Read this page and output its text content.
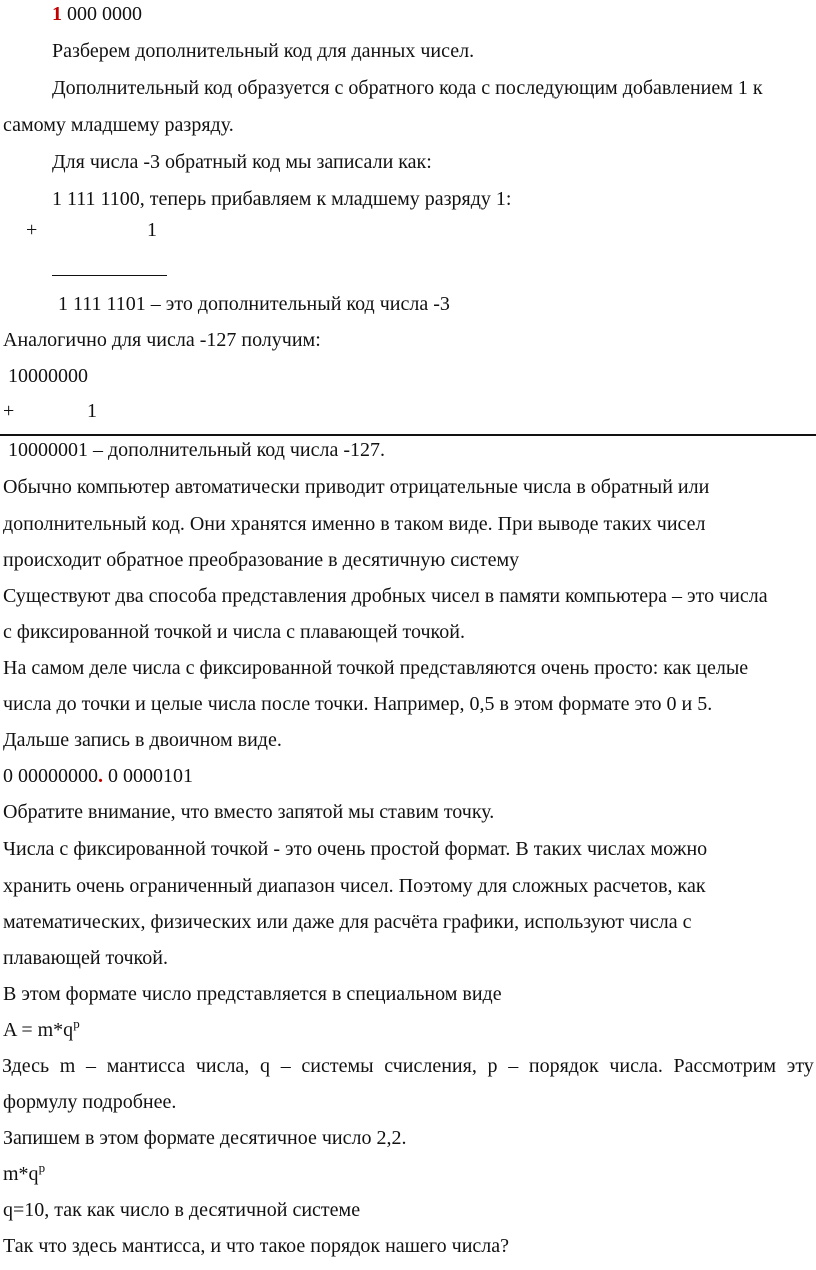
1 000 0000
Разберем дополнительный код для данных чисел.
Дополнительный код образуется с обратного кода с последующим добавлением 1 к
самому младшему разряду.
Для числа -3 обратный код мы записали как:
1 111 1100, теперь прибавляем к младшему разряду 1:
+	1
1 111 1101 – это дополнительный код числа -3
Аналогично для числа -127 получим:
10000000
+	1
10000001 – дополнительный код числа -127.
Обычно компьютер автоматически приводит отрицательные числа в обратный или
дополнительный код. Они хранятся именно в таком виде. При выводе таких чисел
происходит обратное преобразование в десятичную систему
Существуют два способа представления дробных чисел в памяти компьютера – это числа
с фиксированной точкой и числа с плавающей точкой.
На самом деле числа с фиксированной точкой представляются очень просто: как целые
числа до точки и целые числа после точки. Например, 0,5 в этом формате это 0 и 5.
Дальше запись в двоичном виде.
0 00000000. 0 0000101
Обратите внимание, что вместо запятой мы ставим точку.
Числа с фиксированной точкой - это очень простой формат. В таких числах можно
хранить очень ограниченный диапазон чисел. Поэтому для сложных расчетов, как
математических, физических или даже для расчёта графики, используют числа с
плавающей точкой.
В этом формате число представляется в специальном виде
$A = m*q^p$
Здесь m – мантисса числа, q – системы счисления, p – порядок числа. Рассмотрим эту
формулу подробнее.
Запишем в этом формате десятичное число 2,2.
$m*q^p$
q=10, так как число в десятичной системе
Так что здесь мантисса, и что такое порядок нашего числа?
